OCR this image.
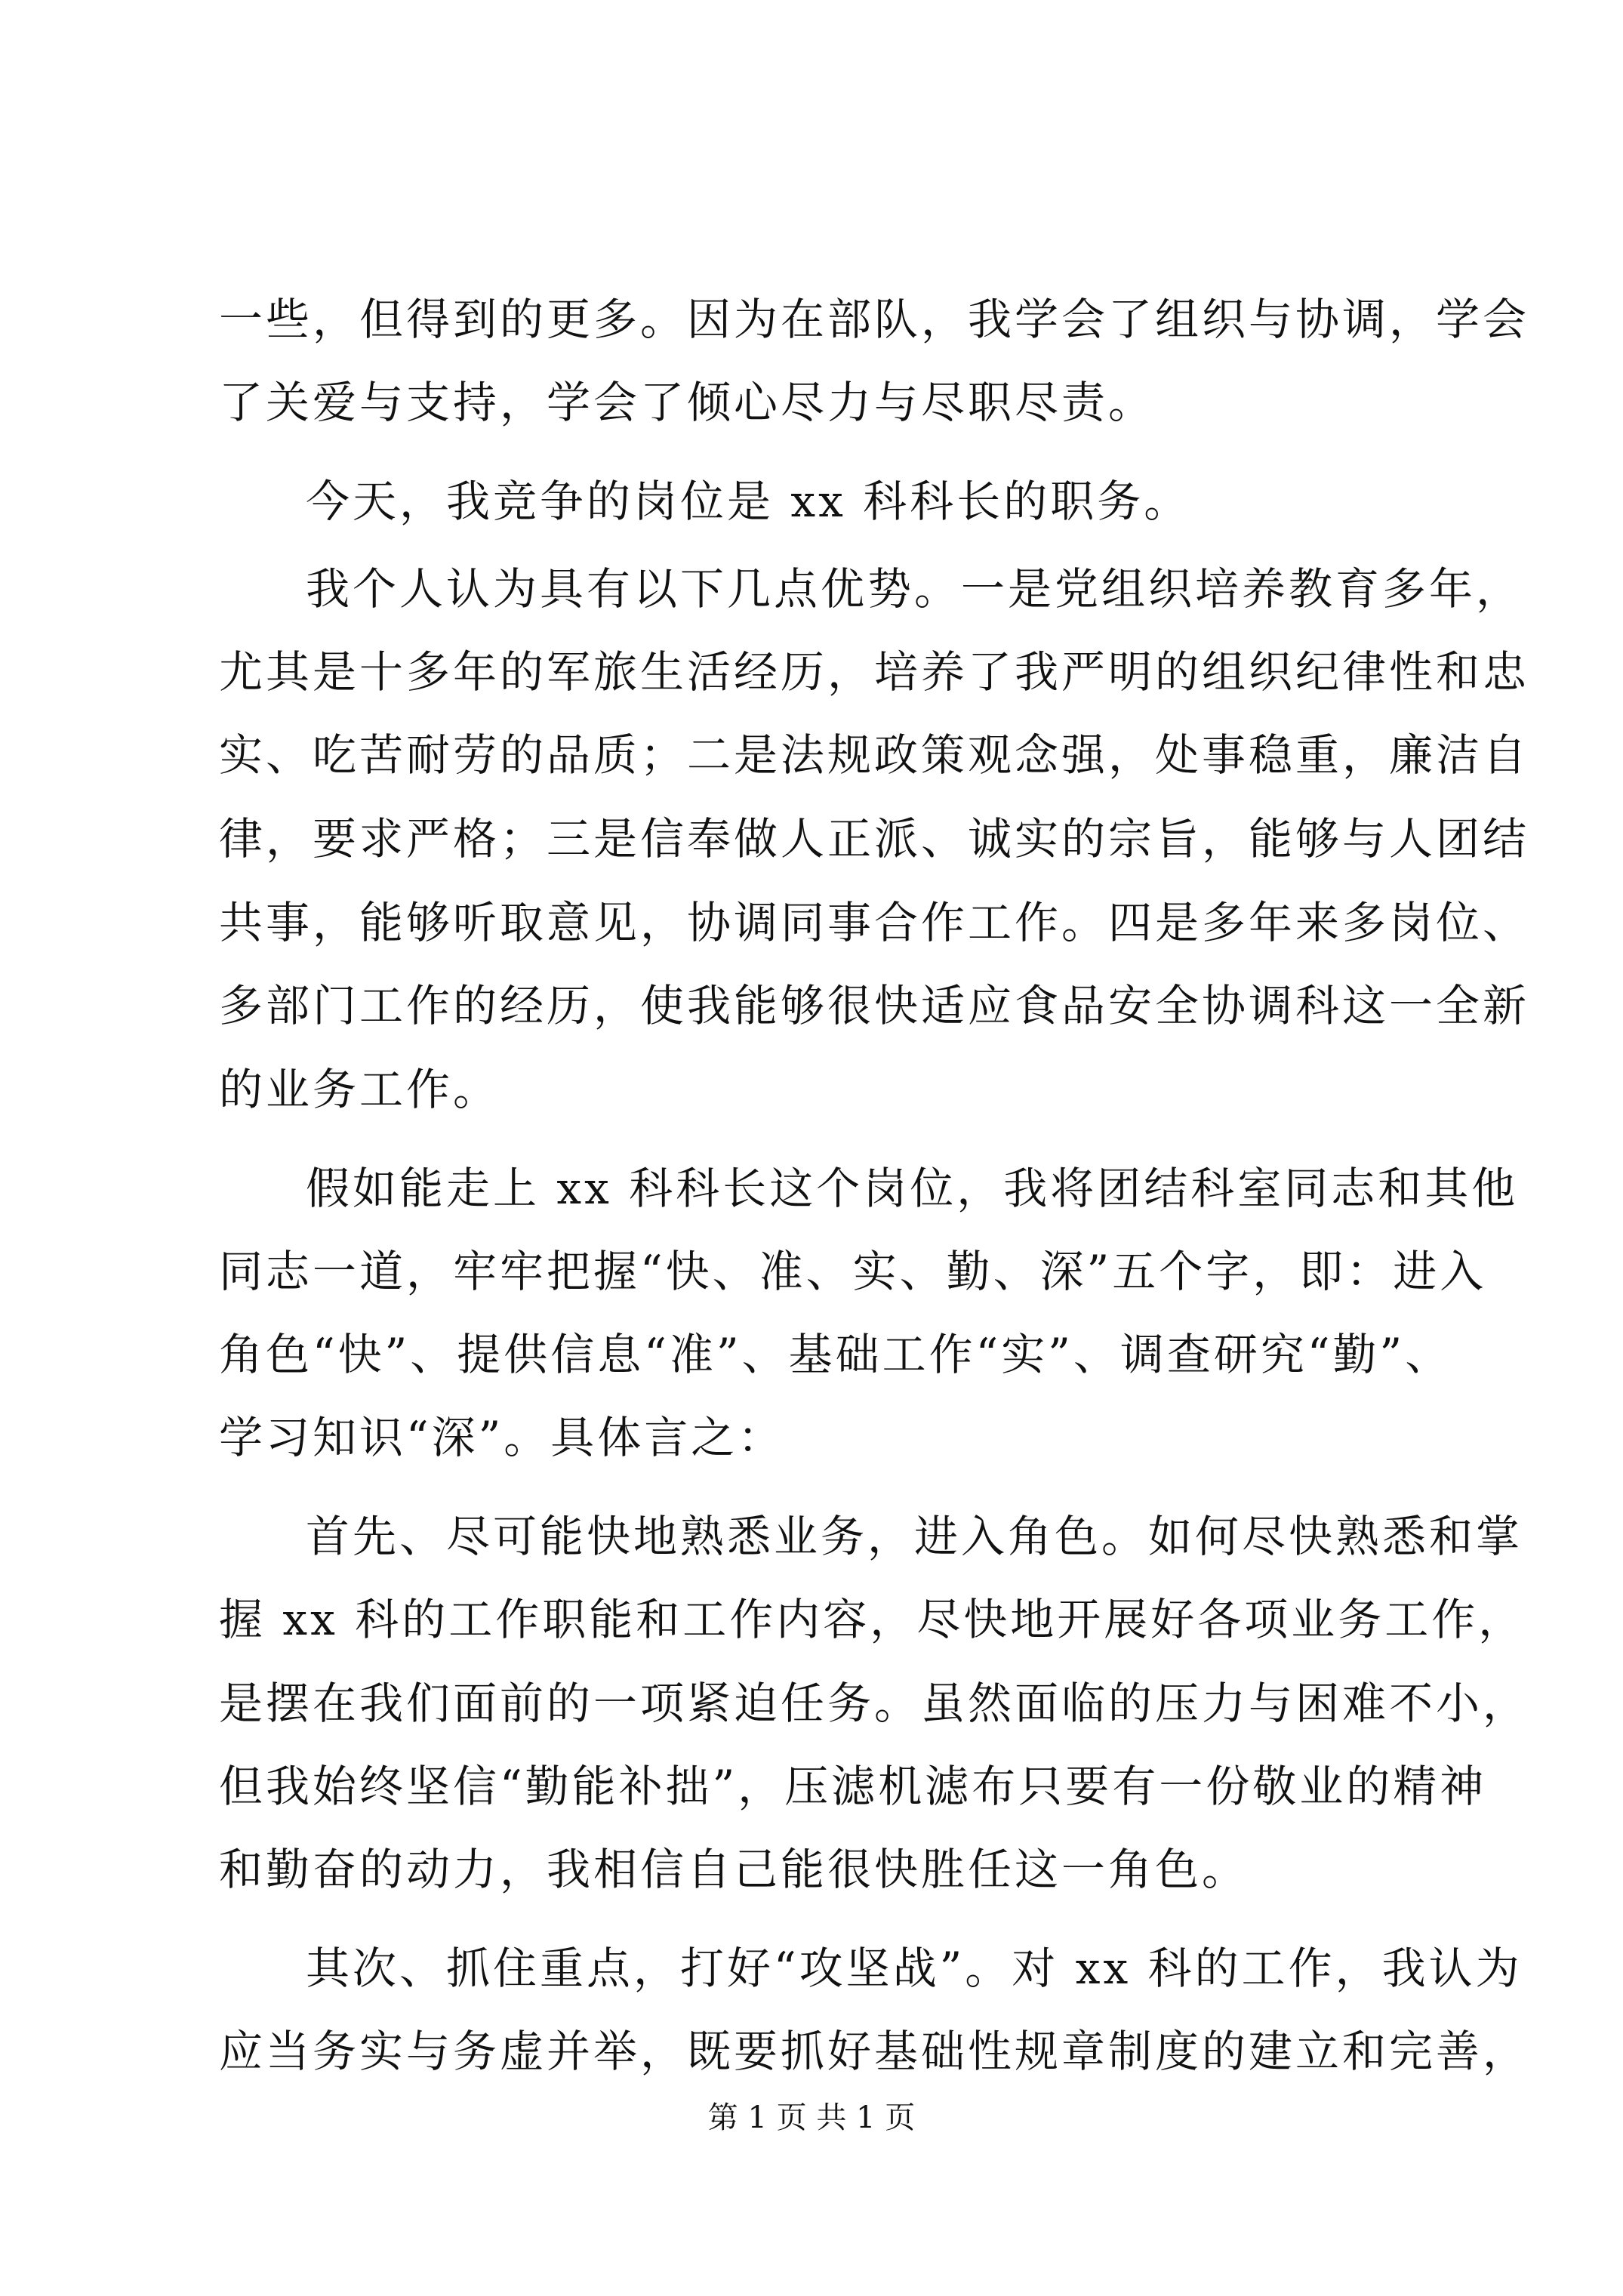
一些，但得到的更多。因为在部队，我学会了组织与协调，学会

了关爱与支持，学会了倾心尽力与尽职尽责。

今天，我竞争的岗位是 xx 科科长的职务。

我个人认为具有以下几点优势。一是党组织培养教育多年，

尤其是十多年的军旅生活经历，培养了我严明的组织纪律性和忠

实、吃苦耐劳的品质；二是法规政策观念强，处事稳重，廉洁自

律，要求严格；三是信奉做人正派、诚实的宗旨，能够与人团结

共事，能够听取意见，协调同事合作工作。四是多年来多岗位、

多部门工作的经历，使我能够很快适应食品安全协调科这一全新

的业务工作。

假如能走上 xx 科科长这个岗位，我将团结科室同志和其他

同志一道，牢牢把握“快、准、实、勤、深”五个字，即：进入

角色“快”、提供信息“准”、基础工作“实”、调查研究“勤”、

学习知识“深”。具体言之：

首先、尽可能快地熟悉业务，进入角色。如何尽快熟悉和掌

握 xx 科的工作职能和工作内容，尽快地开展好各项业务工作，

是摆在我们面前的一项紧迫任务。虽然面临的压力与困难不小，

但我始终坚信“勤能补拙”，压滤机滤布只要有一份敬业的精神

和勤奋的动力，我相信自己能很快胜任这一角色。

其次、抓住重点，打好“攻坚战”。对 xx 科的工作，我认为

应当务实与务虚并举，既要抓好基础性规章制度的建立和完善，

第 1 页 共 1 页
